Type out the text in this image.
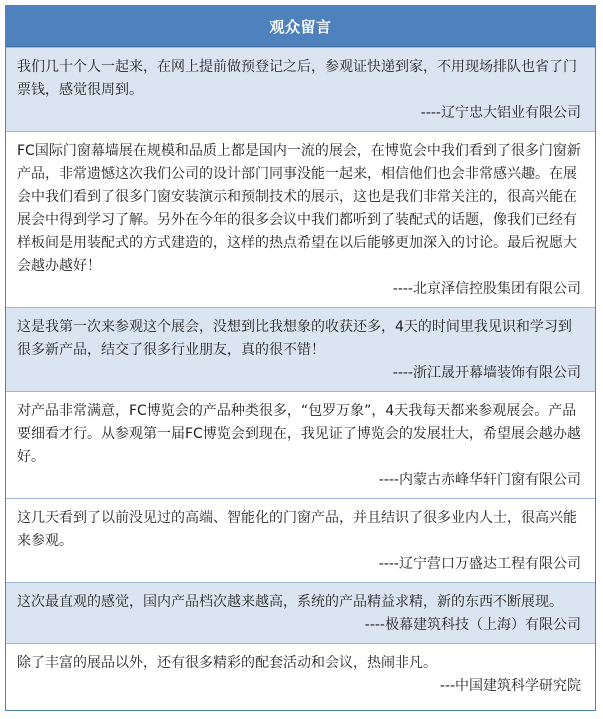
观众留言

我们几十个人一起来，在网上提前做预登记之后，参观证快递到家，不用现场排队也省了门票钱，感觉很周到。

----辽宁忠大铝业有限公司

FC国际门窗幕墙展在规模和品质上都是国内一流的展会，在博览会中我们看到了很多门窗新产品，非常遗憾这次我们公司的设计部门同事没能一起来，相信他们也会非常感兴趣。在展会中我们看到了很多门窗安装演示和预制技术的展示，这也是我们非常关注的，很高兴能在展会中得到学习了解。另外在今年的很多会议中我们都听到了装配式的话题，像我们已经有样板间是用装配式的方式建造的，这样的热点希望在以后能够更加深入的讨论。最后祝愿大会越办越好！

----北京泽信控股集团有限公司

这是我第一次来参观这个展会，没想到比我想象的收获还多，4天的时间里我见识和学习到很多新产品，结交了很多行业朋友，真的很不错！

----浙江晟开幕墙装饰有限公司

对产品非常满意，FC博览会的产品种类很多，“包罗万象”，4天我每天都来参观展会。产品要细看才行。从参观第一届FC博览会到现在，我见证了博览会的发展壮大，希望展会越办越好。

----内蒙古赤峰华轩门窗有限公司

这几天看到了以前没见过的高端、智能化的门窗产品，并且结识了很多业内人士，很高兴能来参观。

----辽宁营口万盛达工程有限公司

这次最直观的感觉，国内产品档次越来越高，系统的产品精益求精，新的东西不断展现。

----极幕建筑科技（上海）有限公司

除了丰富的展品以外，还有很多精彩的配套活动和会议，热闹非凡。

---中国建筑科学研究院
